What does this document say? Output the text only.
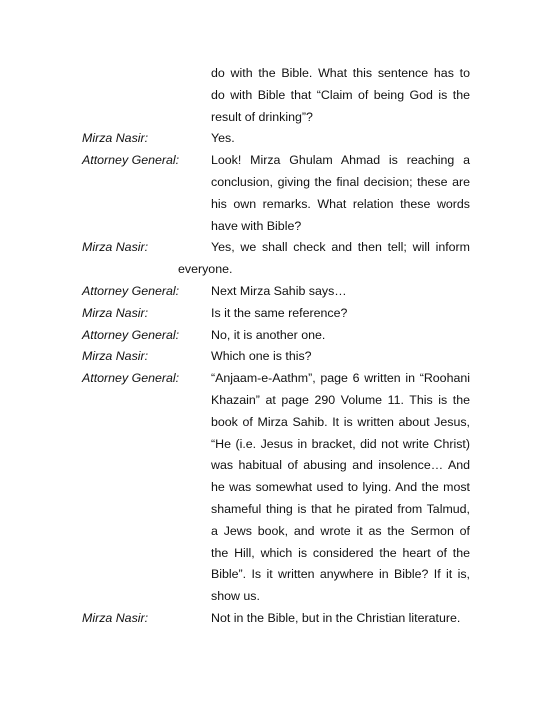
do with the Bible. What this sentence has to
do with Bible that “Claim of being God is the
result of drinking”?
Mirza Nasir:	Yes.
Attorney General:	Look! Mirza Ghulam Ahmad is reaching a
conclusion, giving the final decision; these are
his own remarks. What relation these words
have with Bible?
Mirza Nasir:	Yes, we shall check and then tell; will inform
everyone.
Attorney General:	Next Mirza Sahib says…
Mirza Nasir:	Is it the same reference?
Attorney General:	No, it is another one.
Mirza Nasir:	Which one is this?
Attorney General:	“Anjaam-e-Aathm”, page 6 written in “Roohani
Khazain” at page 290 Volume 11. This is the
book of Mirza Sahib. It is written about Jesus,
“He (i.e. Jesus in bracket, did not write Christ)
was habitual of abusing and insolence… And
he was somewhat used to lying. And the most
shameful thing is that he pirated from Talmud,
a Jews book, and wrote it as the Sermon of
the Hill, which is considered the heart of the
Bible”. Is it written anywhere in Bible? If it is,
show us.
Mirza Nasir:	Not in the Bible, but in the Christian literature.
